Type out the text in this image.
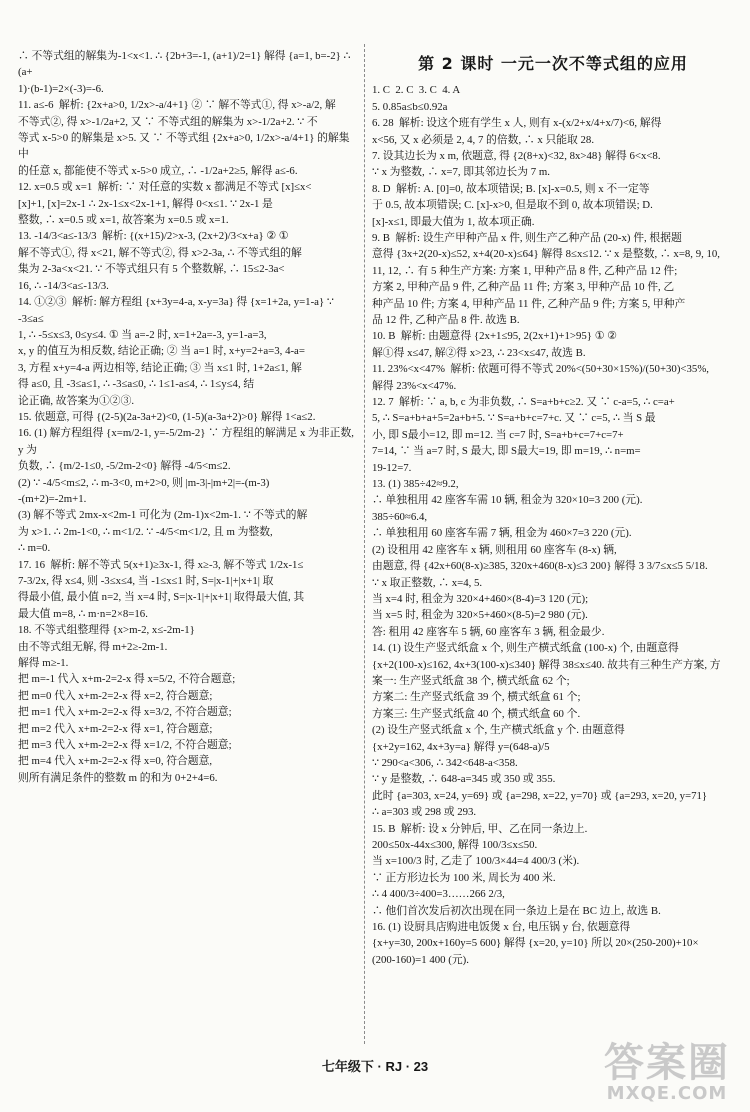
∴ 不等式组的解集为-1<x<1. ∴ {2b+3=-1, (a+1)/2=1} 解得 {a=1, b=-2} ∴ (a+
1)·(b-1)=2×(-3)=-6.
11. a≤-6  解析: {2x+a>0, 1/2x>-a/4+1} ② ∵ 解不等式①, 得 x>-a/2, 解
不等式②, 得 x>-1/2a+2, 又 ∵ 不等式组的解集为 x>-1/2a+2. ∵ 不
等式 x-5>0 的解集是 x>5. 又 ∵ 不等式组 {2x+a>0, 1/2x>-a/4+1} 的解集中
的任意 x, 都能使不等式 x-5>0 成立, ∴ -1/2a+2≥5, 解得 a≤-6.
12. x=0.5 或 x=1  解析: ∵ 对任意的实数 x 都满足不等式 [x]≤x<
[x]+1, [x]=2x-1 ∴ 2x-1≤x<2x-1+1, 解得 0<x≤1. ∵ 2x-1 是
整数, ∴ x=0.5 或 x=1, 故答案为 x=0.5 或 x=1.
13. -14/3<a≤-13/3  解析: {(x+15)/2>x-3, (2x+2)/3<x+a} ② ①
解不等式①, 得 x<21, 解不等式②, 得 x>2-3a, ∴ 不等式组的解
集为 2-3a<x<21. ∵ 不等式组只有 5 个整数解, ∴ 15≤2-3a<
16, ∴ -14/3<a≤-13/3.
14. ①②③  解析: 解方程组 {x+3y=4-a, x-y=3a} 得 {x=1+2a, y=1-a} ∵ -3≤a≤
1, ∴ -5≤x≤3, 0≤y≤4. ① 当 a=-2 时, x=1+2a=-3, y=1-a=3,
x, y 的值互为相反数, 结论正确; ② 当 a=1 时, x+y=2+a=3, 4-a=
3, 方程 x+y=4-a 两边相等, 结论正确; ③ 当 x≤1 时, 1+2a≤1, 解
得 a≤0, 且 -3≤a≤1, ∴ -3≤a≤0, ∴ 1≤1-a≤4, ∴ 1≤y≤4, 结
论正确, 故答案为①②③.
15. 依题意, 可得 {(2-5)(2a-3a+2)<0, (1-5)(a-3a+2)>0} 解得 1<a≤2.
16. (1) 解方程组得 {x=m/2-1, y=-5/2m-2} ∵ 方程组的解满足 x 为非正数, y 为
负数, ∴ {m/2-1≤0, -5/2m-2<0} 解得 -4/5<m≤2.
(2) ∵ -4/5<m≤2, ∴ m-3<0, m+2>0, 则 |m-3|-|m+2|=-(m-3)
-(m+2)=-2m+1.
(3) 解不等式 2mx-x<2m-1 可化为 (2m-1)x<2m-1. ∵ 不等式的解
为 x>1. ∴ 2m-1<0, ∴ m<1/2. ∵ -4/5<m<1/2, 且 m 为整数,
∴ m=0.
17. 16  解析: 解不等式 5(x+1)≥3x-1, 得 x≥-3, 解不等式 1/2x-1≤
7-3/2x, 得 x≤4, 则 -3≤x≤4, 当 -1≤x≤1 时, S=|x-1|+|x+1| 取
得最小值, 最小值 n=2, 当 x=4 时, S=|x-1|+|x+1| 取得最大值, 其
最大值 m=8, ∴ m·n=2×8=16.
18. 不等式组整理得 {x>m-2, x≤-2m-1}
由不等式组无解, 得 m+2≥-2m-1.
解得 m≥-1.
把 m=-1 代入 x+m-2=2-x 得 x=5/2, 不符合题意;
把 m=0 代入 x+m-2=2-x 得 x=2, 符合题意;
把 m=1 代入 x+m-2=2-x 得 x=3/2, 不符合题意;
把 m=2 代入 x+m-2=2-x 得 x=1, 符合题意;
把 m=3 代入 x+m-2=2-x 得 x=1/2, 不符合题意;
把 m=4 代入 x+m-2=2-x 得 x=0, 符合题意,
则所有满足条件的整数 m 的和为 0+2+4=6.
第 2 课时 一元一次不等式组的应用
1. C  2. C  3. C  4. A
5. 0.85a≤b≤0.92a
6. 28  解析: 设这个班有学生 x 人, 则有 x-(x/2+x/4+x/7)<6, 解得
x<56, 又 x 必须是 2, 4, 7 的倍数, ∴ x 只能取 28.
7. 设其边长为 x m, 依题意, 得 {2(8+x)<32, 8x>48} 解得 6<x<8.
∵ x 为整数, ∴ x=7, 即其邻边长为 7 m.
8. D  解析: A. [0]=0, 故本项错误; B. [x]-x=0.5, 则 x 不一定等
于 0.5, 故本项错误; C. [x]-x>0, 但是取不到 0, 故本项错误; D.
[x]-x≤1, 即最大值为 1, 故本项正确.
9. B  解析: 设生产甲种产品 x 件, 则生产乙种产品 (20-x) 件, 根据题
意得 {3x+2(20-x)≤52, x+4(20-x)≤64} 解得 8≤x≤12. ∵ x 是整数, ∴ x=8, 9, 10,
11, 12, ∴ 有 5 种生产方案: 方案 1, 甲种产品 8 件, 乙种产品 12 件;
方案 2, 甲种产品 9 件, 乙种产品 11 件; 方案 3, 甲种产品 10 件, 乙
种产品 10 件; 方案 4, 甲种产品 11 件, 乙种产品 9 件; 方案 5, 甲种产
品 12 件, 乙种产品 8 件. 故选 B.
10. B  解析: 由题意得 {2x+1≤95, 2(2x+1)+1>95} ① ②
解①得 x≤47, 解②得 x>23, ∴ 23<x≤47, 故选 B.
11. 23%<x<47%  解析: 依题可得不等式 20%<(50+30×15%)/(50+30)<35%,
解得 23%<x<47%.
12. 7  解析: ∵ a, b, c 为非负数, ∴ S=a+b+c≥2. 又 ∵ c-a=5, ∴ c=a+
5, ∴ S=a+b+a+5=2a+b+5. ∵ S=a+b+c=7+c. 又 ∵ c=5, ∴ 当 S 最
小, 即 S最小=12, 即 m=12. 当 c=7 时, S=a+b+c=7+c=7+
7=14, ∵ 当 a=7 时, S 最大, 即 S最大=19, 即 m=19, ∴ n=m=
19-12=7.
13. (1) 385÷42≈9.2,
∴ 单独租用 42 座客车需 10 辆, 租金为 320×10=3 200 (元).
385÷60≈6.4,
∴ 单独租用 60 座客车需 7 辆, 租金为 460×7=3 220 (元).
(2) 设租用 42 座客车 x 辆, 则租用 60 座客车 (8-x) 辆,
由题意, 得 {42x+60(8-x)≥385, 320x+460(8-x)≤3 200} 解得 3 3/7≤x≤5 5/18.
∵ x 取正整数, ∴ x=4, 5.
当 x=4 时, 租金为 320×4+460×(8-4)=3 120 (元);
当 x=5 时, 租金为 320×5+460×(8-5)=2 980 (元).
答: 租用 42 座客车 5 辆, 60 座客车 3 辆, 租金最少.
14. (1) 设生产竖式纸盒 x 个, 则生产横式纸盒 (100-x) 个, 由题意得
{x+2(100-x)≤162, 4x+3(100-x)≤340} 解得 38≤x≤40. 故共有三种生产方案, 方
案一: 生产竖式纸盒 38 个, 横式纸盒 62 个;
方案二: 生产竖式纸盒 39 个, 横式纸盒 61 个;
方案三: 生产竖式纸盒 40 个, 横式纸盒 60 个.
(2) 设生产竖式纸盒 x 个, 生产横式纸盒 y 个. 由题意得
{x+2y=162, 4x+3y=a} 解得 y=(648-a)/5
∵ 290<a<306, ∴ 342<648-a<358.
∵ y 是整数, ∴ 648-a=345 或 350 或 355.
此时 {a=303, x=24, y=69} 或 {a=298, x=22, y=70} 或 {a=293, x=20, y=71}
∴ a=303 或 298 或 293.
15. B  解析: 设 x 分钟后, 甲、乙在同一条边上.
200≤50x-44x≤300, 解得 100/3≤x≤50.
当 x=100/3 时, 乙走了 100/3×44=4 400/3 (米).
∵ 正方形边长为 100 米, 周长为 400 米.
∴ 4 400/3÷400=3……266 2/3,
∴ 他们首次发后初次出现在同一条边上是在 BC 边上, 故选 B.
16. (1) 设厨具店购进电饭煲 x 台, 电压锅 y 台, 依题意得
{x+y=30, 200x+160y=5 600} 解得 {x=20, y=10} 所以 20×(250-200)+10×
(200-160)=1 400 (元).
七年级下 · RJ · 23	答案圈
MXQE.COM
